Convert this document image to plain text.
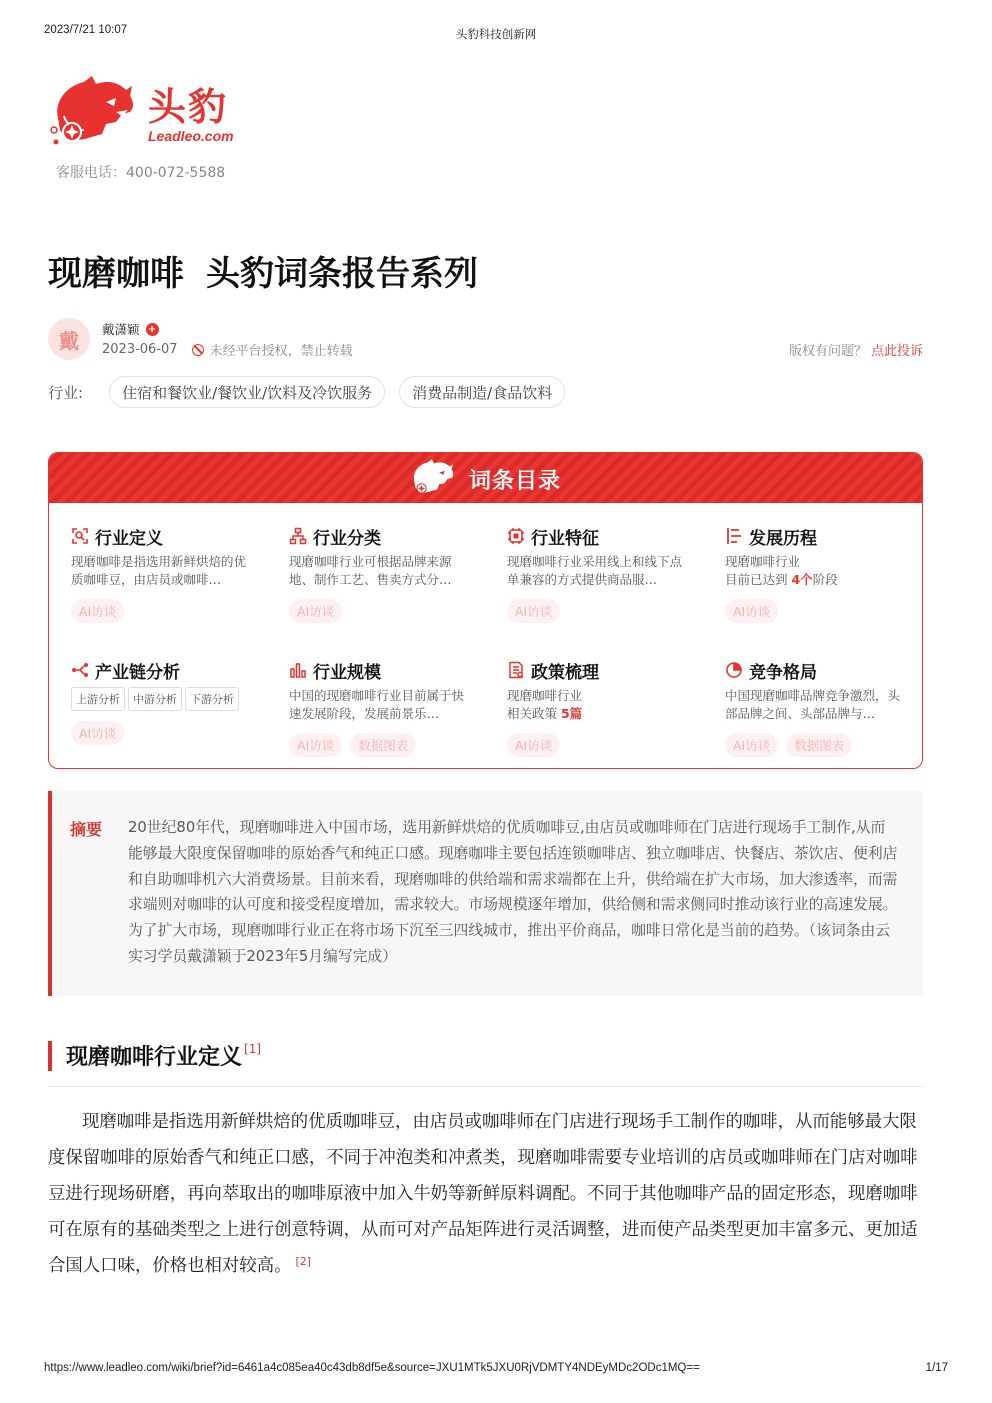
2023/7/21 10:07	头豹科技创新网
头豹
Leadleo.com
客服电话：400-072-5588
现磨咖啡 头豹词条报告系列
戴	戴潇颖 +
2023-06-07 未经平台授权，禁止转载	版权有问题？ 点此投诉
行业:	住宿和餐饮业/餐饮业/饮料及冷饮服务	消费品制造/食品饮料
词条目录
行业定义
现磨咖啡是指选用新鲜烘焙的优质咖啡豆，由店员或咖啡…
AI访谈
行业分类
现磨咖啡行业可根据品牌来源地、制作工艺、售卖方式分…
AI访谈
行业特征
现磨咖啡行业采用线上和线下点单兼容的方式提供商品服…
AI访谈
发展历程
现磨咖啡行业
目前已达到 4个阶段
AI访谈
产业链分析
上游分析	中游分析	下游分析
AI访谈
行业规模
中国的现磨咖啡行业目前属于快速发展阶段，发展前景乐…
AI访谈	数据图表
政策梳理
现磨咖啡行业
相关政策 5篇
AI访谈
竞争格局
中国现磨咖啡品牌竞争激烈，头部品牌之间、头部品牌与…
AI访谈	数据图表
摘要 20世纪80年代，现磨咖啡进入中国市场，选用新鲜烘焙的优质咖啡豆,由店员或咖啡师在门店进行现场手工制作,从而能够最大限度保留咖啡的原始香气和纯正口感。现磨咖啡主要包括连锁咖啡店、独立咖啡店、快餐店、茶饮店、便利店和自助咖啡机六大消费场景。目前来看，现磨咖啡的供给端和需求端都在上升，供给端在扩大市场，加大渗透率，而需求端则对咖啡的认可度和接受程度增加，需求较大。市场规模逐年增加，供给侧和需求侧同时推动该行业的高速发展。为了扩大市场，现磨咖啡行业正在将市场下沉至三四线城市，推出平价商品，咖啡日常化是当前的趋势。（该词条由云实习学员戴潇颖于2023年5月编写完成）

现磨咖啡行业定义 [1]

现磨咖啡是指选用新鲜烘焙的优质咖啡豆，由店员或咖啡师在门店进行现场手工制作的咖啡，从而能够最大限度保留咖啡的原始香气和纯正口感，不同于冲泡类和冲煮类，现磨咖啡需要专业培训的店员或咖啡师在门店对咖啡豆进行现场研磨，再向萃取出的咖啡原液中加入牛奶等新鲜原料调配。不同于其他咖啡产品的固定形态，现磨咖啡可在原有的基础类型之上进行创意特调，从而可对产品矩阵进行灵活调整，进而使产品类型更加丰富多元、更加适合国人口味，价格也相对较高。 [2]

https://www.leadleo.com/wiki/brief?id=6461a4c085ea40c43db8df5e&source=JXU1MTk5JXU0RjVDMTY4NDEyMDc2ODc1MQ==	1/17
